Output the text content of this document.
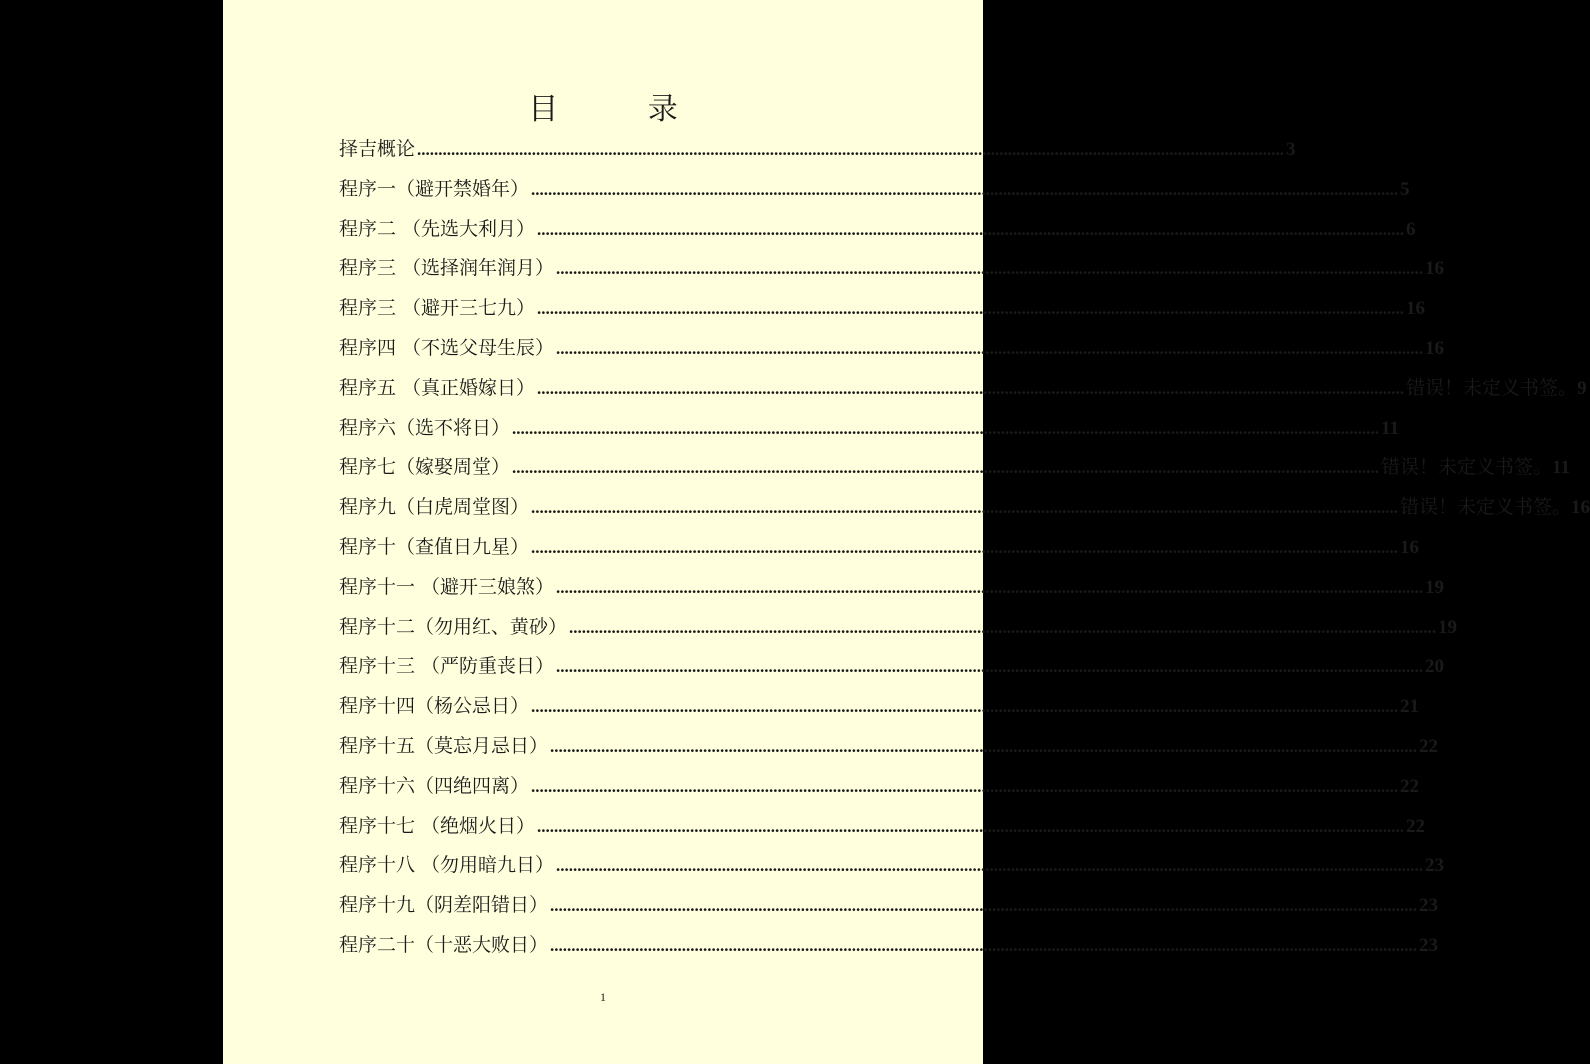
目 录
择吉概论 ............................................................................................................................................................................................................ 3
程序一（避开禁婚年） ............................................................................................................................................................................................................ 5
程序二 （先选大利月） ............................................................................................................................................................................................................ 6
程序三 （选择润年润月） ............................................................................................................................................................................................................ 16
程序三 （避开三七九） ............................................................................................................................................................................................................ 16
程序四 （不选父母生辰） ............................................................................................................................................................................................................ 16
程序五 （真正婚嫁日） ............................................................................................................................................................................................................ 错误！未定义书签。 9
程序六（选不将日） ............................................................................................................................................................................................................ 11
程序七（嫁娶周堂） ............................................................................................................................................................................................................ 错误！未定义书签。 11
程序九（白虎周堂图） ............................................................................................................................................................................................................ 错误！未定义书签。 16
程序十（查值日九星） ............................................................................................................................................................................................................ 16
程序十一 （避开三娘煞） ............................................................................................................................................................................................................ 19
程序十二（勿用红、黄砂） ............................................................................................................................................................................................................ 19
程序十三 （严防重丧日） ............................................................................................................................................................................................................ 20
程序十四（杨公忌日） ............................................................................................................................................................................................................ 21
程序十五（莫忘月忌日） ............................................................................................................................................................................................................ 22
程序十六（四绝四离） ............................................................................................................................................................................................................ 22
程序十七 （绝烟火日） ............................................................................................................................................................................................................ 22
程序十八 （勿用暗九日） ............................................................................................................................................................................................................ 23
程序十九（阴差阳错日） ............................................................................................................................................................................................................ 23
程序二十（十恶大败日） ............................................................................................................................................................................................................ 23
1
